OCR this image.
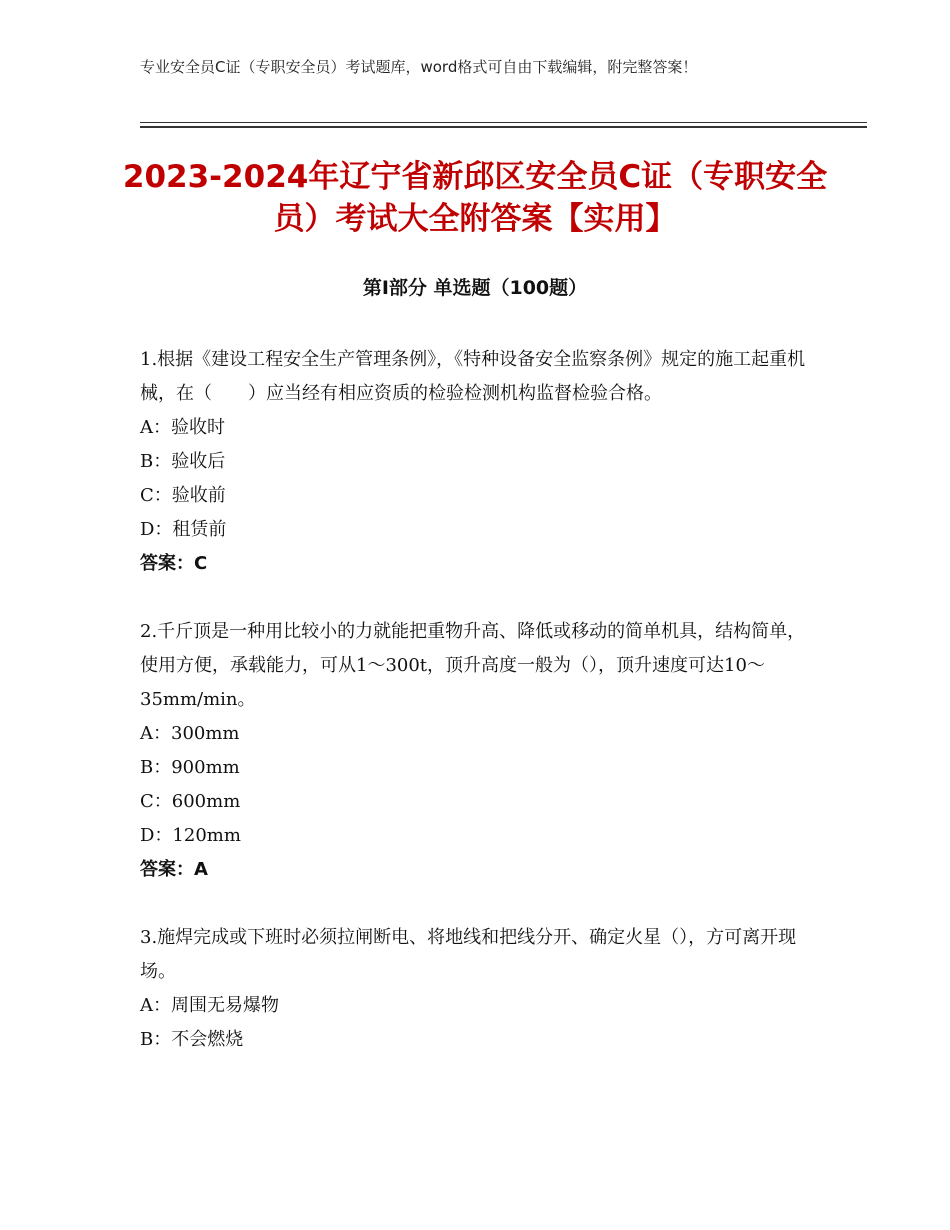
专业安全员C证（专职安全员）考试题库，word格式可自由下载编辑，附完整答案！
2023-2024年辽宁省新邱区安全员C证（专职安全员）考试大全附答案【实用】
第Ⅰ部分 单选题（100题）

1.根据《建设工程安全生产管理条例》，《特种设备安全监察条例》规定的施工起重机械，在（　　）应当经有相应资质的检验检测机构监督检验合格。

A：验收时

B：验收后

C：验收前

D：租赁前

答案：C

2.千斤顶是一种用比较小的力就能把重物升高、降低或移动的简单机具，结构简单，使用方便，承载能力，可从1～300t，顶升高度一般为（），顶升速度可达10～35mm/min。

A：300mm

B：900mm

C：600mm

D：120mm

答案：A

3.施焊完成或下班时必须拉闸断电、将地线和把线分开、确定火星（），方可离开现场。

A：周围无易爆物

B：不会燃烧
